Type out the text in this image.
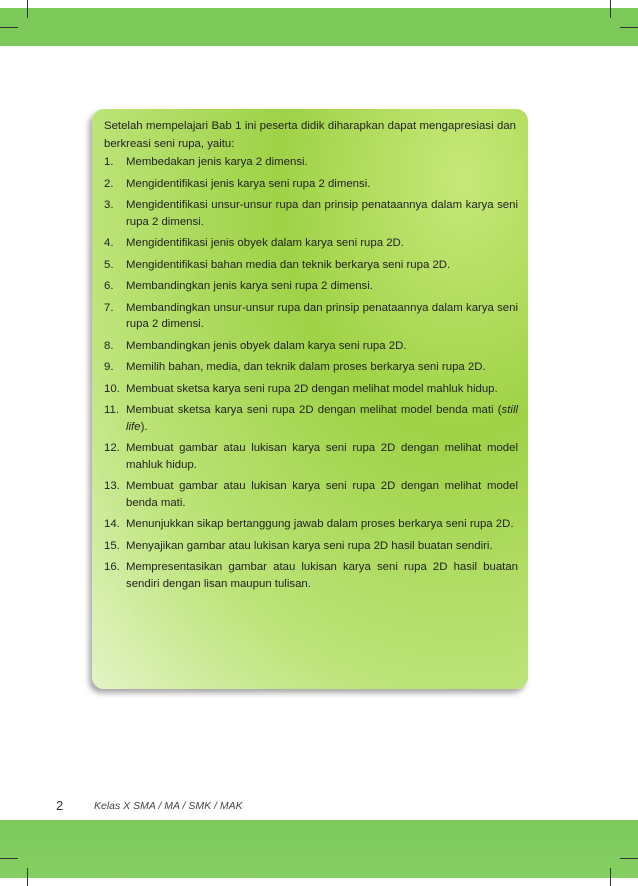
Setelah mempelajari Bab 1 ini peserta didik diharapkan dapat mengapresiasi dan berkreasi seni rupa, yaitu:

1.	Membedakan jenis karya 2 dimensi.
2.	Mengidentifikasi jenis karya seni rupa 2 dimensi.
3.	Mengidentifikasi unsur-unsur rupa dan prinsip penataannya dalam karya seni rupa 2 dimensi.
4.	Mengidentifikasi jenis obyek dalam karya seni rupa 2D.
5.	Mengidentifikasi bahan media dan teknik berkarya seni rupa 2D.
6.	Membandingkan jenis karya seni rupa 2 dimensi.
7.	Membandingkan unsur-unsur rupa dan prinsip penataannya dalam karya seni rupa 2 dimensi.
8.	Membandingkan jenis obyek dalam karya seni rupa 2D.
9.	Memilih bahan, media, dan teknik dalam proses berkarya seni rupa 2D.
10. Membuat sketsa karya seni rupa 2D dengan melihat model mahluk hidup.
11. Membuat sketsa karya seni rupa 2D dengan melihat model benda mati (still life).
12. Membuat gambar atau lukisan karya seni rupa 2D dengan melihat model mahluk hidup.
13. Membuat gambar atau lukisan karya seni rupa 2D dengan melihat model benda mati.
14. Menunjukkan sikap bertanggung jawab dalam proses berkarya seni rupa 2D.
15. Menyajikan gambar atau lukisan karya seni rupa 2D hasil buatan sendiri.
16. Mempresentasikan gambar atau lukisan karya seni rupa 2D hasil buatan sendiri dengan lisan maupun tulisan.
2	Kelas X SMA / MA / SMK / MAK
